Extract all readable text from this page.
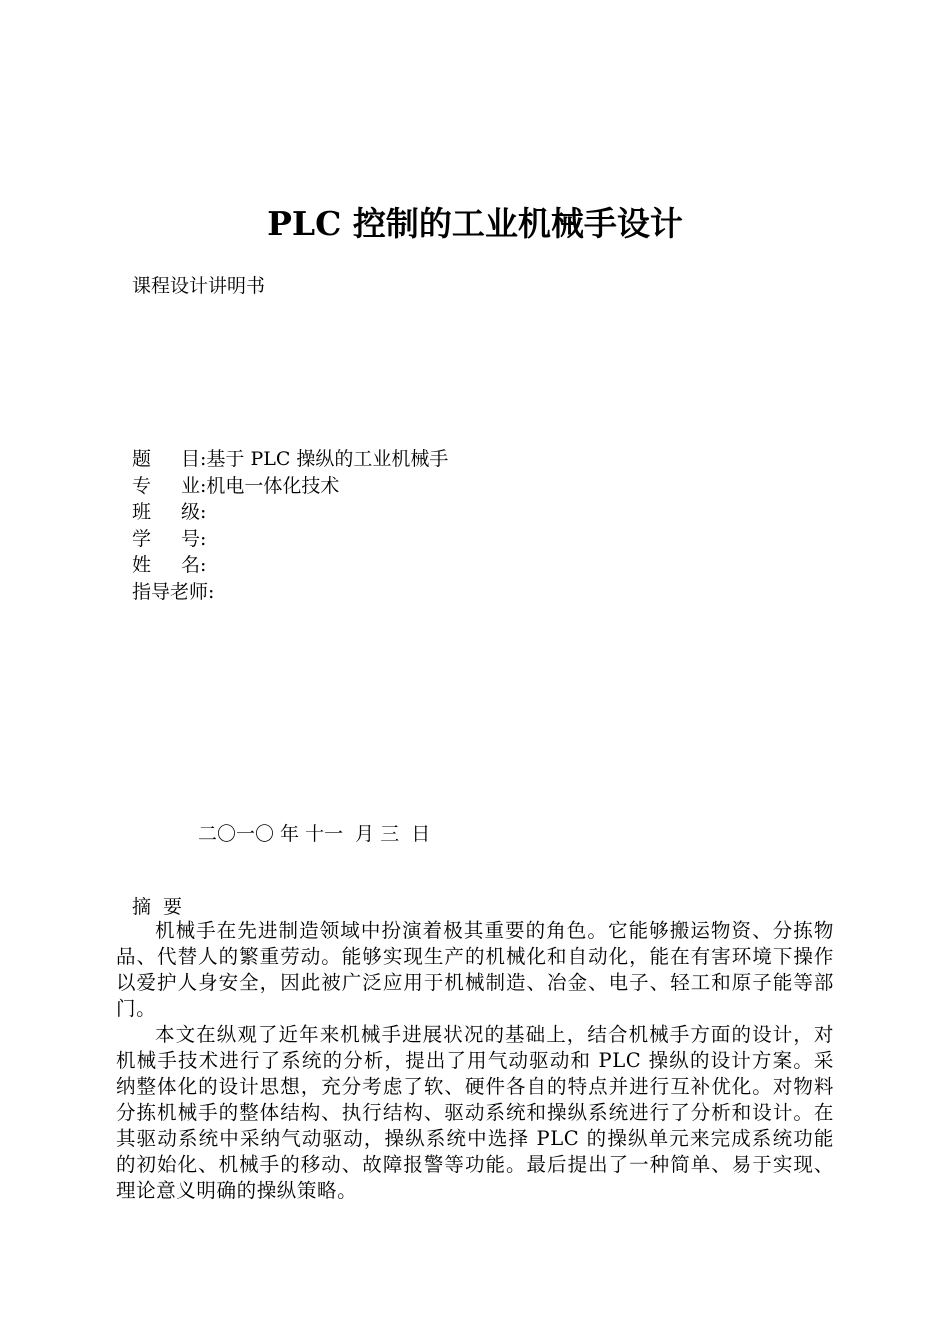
PLC 控制的工业机械手设计
课程设计讲明书
题目:基于 PLC 操纵的工业机械手
专业:机电一体化技术
班级:
学号:
姓名:
指导老师:
二〇一〇 年 十一  月 三  日
摘要

机械手在先进制造领域中扮演着极其重要的角色。它能够搬运物资、分拣物品、代替人的繁重劳动。能够实现生产的机械化和自动化，能在有害环境下操作以爱护人身安全，因此被广泛应用于机械制造、冶金、电子、轻工和原子能等部门。

本文在纵观了近年来机械手进展状况的基础上，结合机械手方面的设计，对机械手技术进行了系统的分析，提出了用气动驱动和 PLC 操纵的设计方案。采纳整体化的设计思想，充分考虑了软、硬件各自的特点并进行互补优化。对物料分拣机械手的整体结构、执行结构、驱动系统和操纵系统进行了分析和设计。在其驱动系统中采纳气动驱动，操纵系统中选择 PLC 的操纵单元来完成系统功能的初始化、机械手的移动、故障报警等功能。最后提出了一种简单、易于实现、理论意义明确的操纵策略。
